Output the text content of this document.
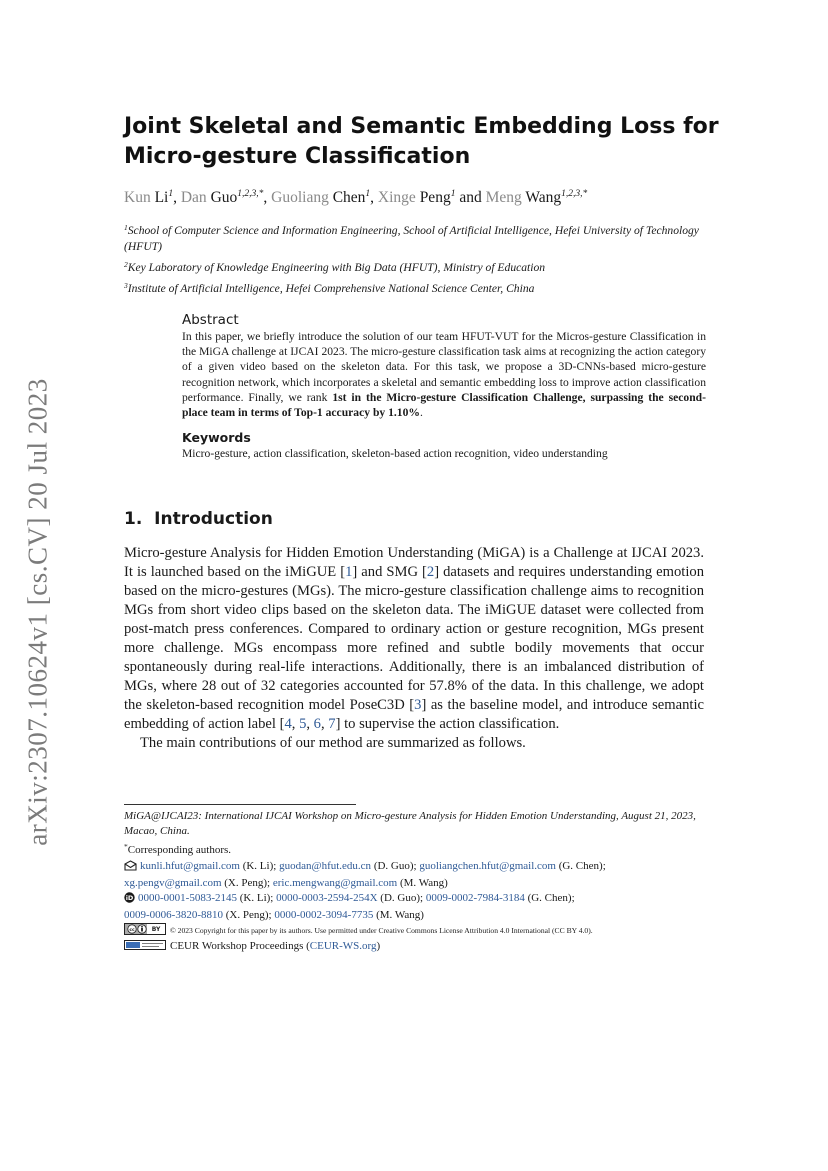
arXiv:2307.10624v1 [cs.CV] 20 Jul 2023
Joint Skeletal and Semantic Embedding Loss for
Micro-gesture Classification
Kun Li$^1$, Dan Guo$^{1,2,3,*}$, Guoliang Chen$^1$, Xinge Peng$^1$ and Meng Wang$^{1,2,3,*}$

$^1$School of Computer Science and Information Engineering, School of Artificial Intelligence, Hefei University of Technology (HFUT)

$^2$Key Laboratory of Knowledge Engineering with Big Data (HFUT), Ministry of Education

$^3$Institute of Artificial Intelligence, Hefei Comprehensive National Science Center, China

Abstract

In this paper, we briefly introduce the solution of our team HFUT-VUT for the Micros-gesture Classification in the MiGA challenge at IJCAI 2023. The micro-gesture classification task aims at recognizing the action category of a given video based on the skeleton data. For this task, we propose a 3D-CNNs-based micro-gesture recognition network, which incorporates a skeletal and semantic embedding loss to improve action classification performance. Finally, we rank 1st in the Micro-gesture Classification Challenge, surpassing the second-place team in terms of Top-1 accuracy by 1.10%.

Keywords

Micro-gesture, action classification, skeleton-based action recognition, video understanding

1. Introduction

Micro-gesture Analysis for Hidden Emotion Understanding (MiGA) is a Challenge at IJCAI 2023. It is launched based on the iMiGUE [1] and SMG [2] datasets and requires understanding emotion based on the micro-gestures (MGs). The micro-gesture classification challenge aims to recognition MGs from short video clips based on the skeleton data. The iMiGUE dataset were collected from post-match press conferences. Compared to ordinary action or gesture recognition, MGs present more challenge. MGs encompass more refined and subtle bodily movements that occur spontaneously during real-life interactions. Additionally, there is an imbalanced distribution of MGs, where 28 out of 32 categories accounted for 57.8% of the data. In this challenge, we adopt the skeleton-based recognition model PoseC3D [3] as the baseline model, and introduce semantic embedding of action label [4, 5, 6, 7] to supervise the action classification.

The main contributions of our method are summarized as follows.

MiGA@IJCAI23: International IJCAI Workshop on Micro-gesture Analysis for Hidden Emotion Understanding, August 21, 2023, Macao, China.

*Corresponding authors.

kunli.hfut@gmail.com (K. Li); guodan@hfut.edu.cn (D. Guo); guoliangchen.hfut@gmail.com (G. Chen);
xg.pengv@gmail.com (X. Peng); eric.mengwang@gmail.com (M. Wang)

iD 0000-0001-5083-2145 (K. Li); 0000-0003-2594-254X (D. Guo); 0009-0002-7984-3184 (G. Chen);
0009-0006-3820-8810 (X. Peng); 0000-0002-3094-7735 (M. Wang)

cc	BY © 2023 Copyright for this paper by its authors. Use permitted under Creative Commons License Attribution 4.0 International (CC BY 4.0).

CEUR Workshop Proceedings (CEUR-WS.org)
